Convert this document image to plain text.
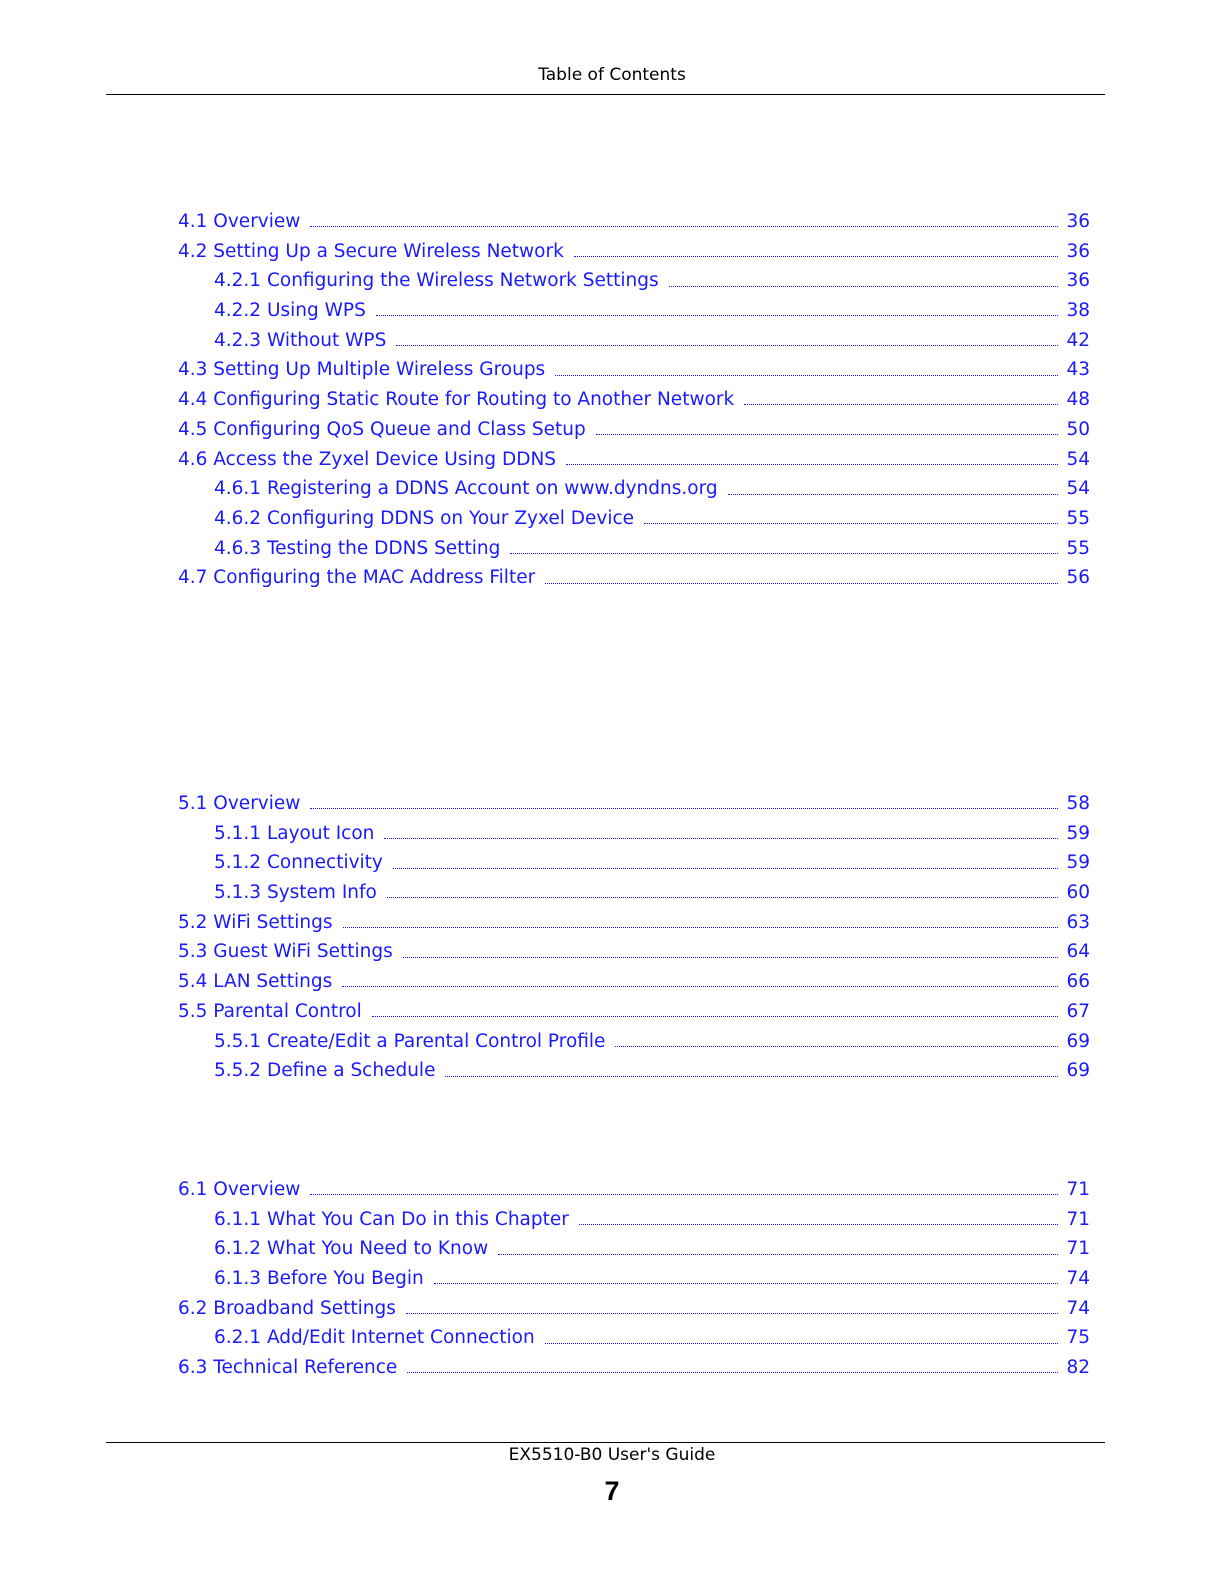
Table of Contents
4.1 Overview	36
4.2 Setting Up a Secure Wireless Network	36
4.2.1 Configuring the Wireless Network Settings	36
4.2.2 Using WPS	38
4.2.3 Without WPS	42
4.3 Setting Up Multiple Wireless Groups	43
4.4 Configuring Static Route for Routing to Another Network	48
4.5 Configuring QoS Queue and Class Setup	50
4.6 Access the Zyxel Device Using DDNS	54
4.6.1 Registering a DDNS Account on www.dyndns.org	54
4.6.2 Configuring DDNS on Your Zyxel Device	55
4.6.3 Testing the DDNS Setting	55
4.7 Configuring the MAC Address Filter	56
5.1 Overview	58
5.1.1 Layout Icon	59
5.1.2 Connectivity	59
5.1.3 System Info	60
5.2 WiFi Settings	63
5.3 Guest WiFi Settings	64
5.4 LAN Settings	66
5.5 Parental Control	67
5.5.1 Create/Edit a Parental Control Profile	69
5.5.2 Define a Schedule	69
6.1 Overview	71
6.1.1 What You Can Do in this Chapter	71
6.1.2 What You Need to Know	71
6.1.3 Before You Begin	74
6.2 Broadband Settings	74
6.2.1 Add/Edit Internet Connection	75
6.3 Technical Reference	82
EX5510-B0 User's Guide
7
